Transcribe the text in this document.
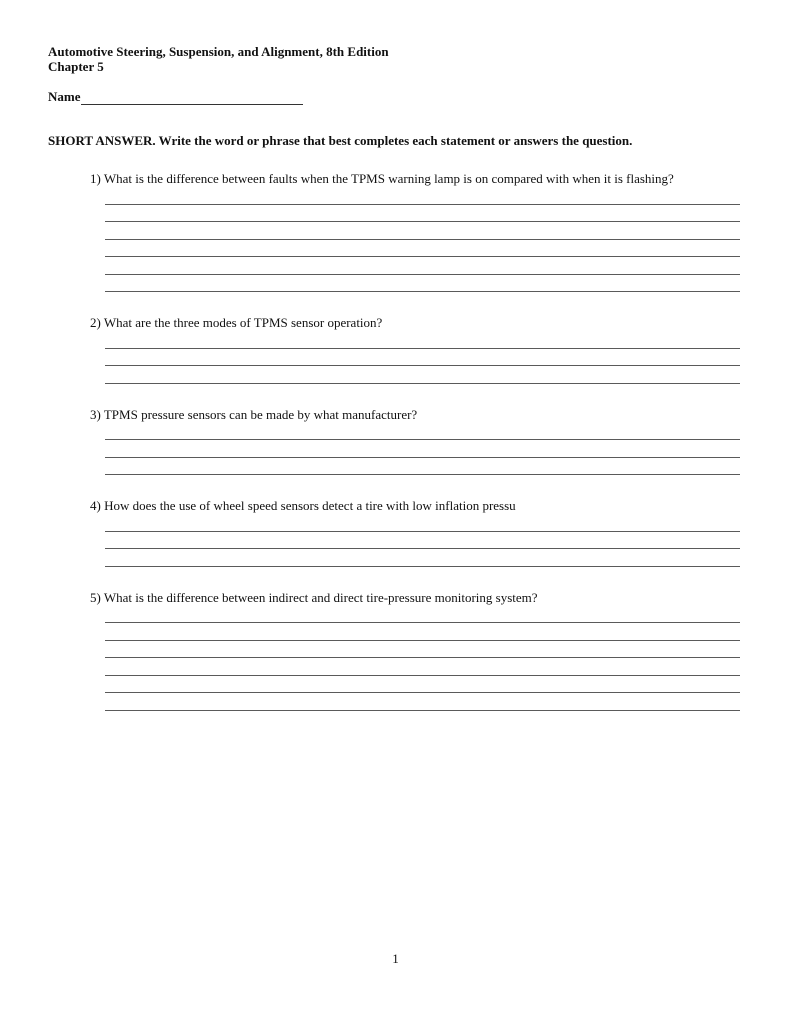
Automotive Steering, Suspension, and Alignment, 8th Edition
Chapter 5
Name
SHORT ANSWER. Write the word or phrase that best completes each statement or answers the question.
1) What is the difference between faults when the TPMS warning lamp is on compared with when it is flashing?
2) What are the three modes of TPMS sensor operation?
3) TPMS pressure sensors can be made by what manufacturer?
4) How does the use of wheel speed sensors detect a tire with low inflation pressu
5) What is the difference between indirect and direct tire-pressure monitoring system?
1
